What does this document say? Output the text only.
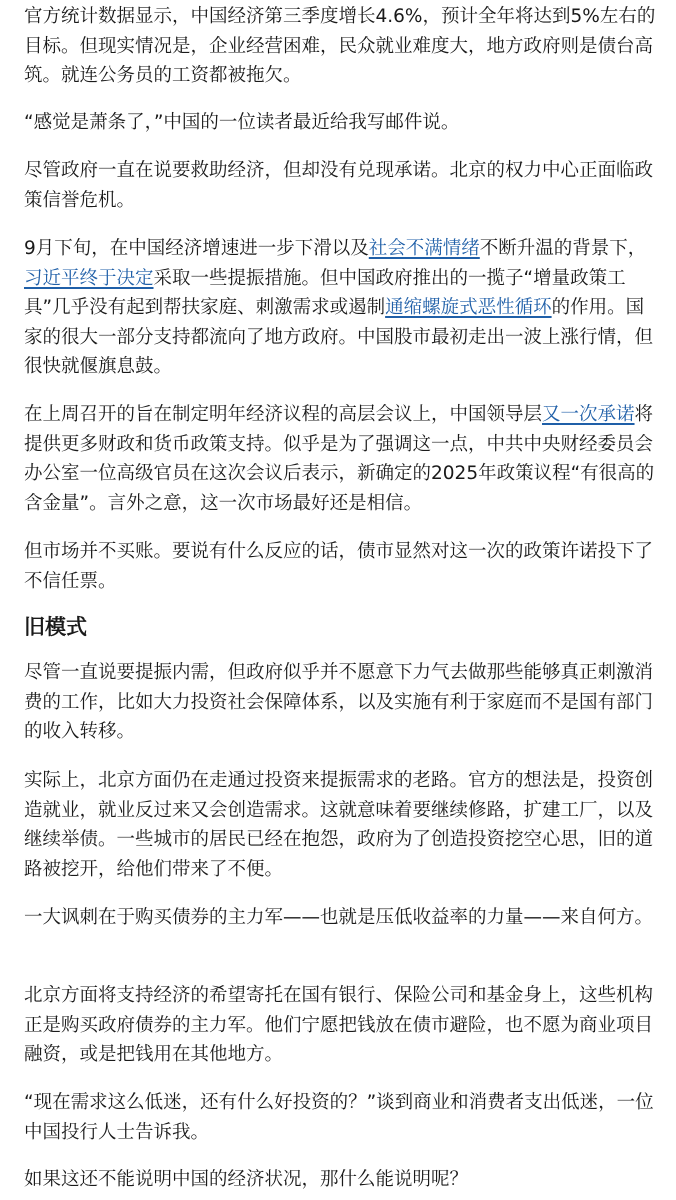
官方统计数据显示，中国经济第三季度增长4.6%，预计全年将达到5%左右的目标。但现实情况是，企业经营困难，民众就业难度大，地方政府则是债台高筑。就连公务员的工资都被拖欠。

“感觉是萧条了，”中国的一位读者最近给我写邮件说。

尽管政府一直在说要救助经济，但却没有兑现承诺。北京的权力中心正面临政策信誉危机。

9月下旬，在中国经济增速进一步下滑以及社会不满情绪不断升温的背景下，习近平终于决定采取一些提振措施。但中国政府推出的一揽子“增量政策工具”几乎没有起到帮扶家庭、刺激需求或遏制通缩螺旋式恶性循环的作用。国家的很大一部分支持都流向了地方政府。中国股市最初走出一波上涨行情，但很快就偃旗息鼓。

在上周召开的旨在制定明年经济议程的高层会议上，中国领导层又一次承诺将提供更多财政和货币政策支持。似乎是为了强调这一点，中共中央财经委员会办公室一位高级官员在这次会议后表示，新确定的2025年政策议程“有很高的含金量”。言外之意，这一次市场最好还是相信。

但市场并不买账。要说有什么反应的话，债市显然对这一次的政策许诺投下了不信任票。

旧模式

尽管一直说要提振内需，但政府似乎并不愿意下力气去做那些能够真正刺激消费的工作，比如大力投资社会保障体系，以及实施有利于家庭而不是国有部门的收入转移。

实际上，北京方面仍在走通过投资来提振需求的老路。官方的想法是，投资创造就业，就业反过来又会创造需求。这就意味着要继续修路，扩建工厂，以及继续举债。一些城市的居民已经在抱怨，政府为了创造投资挖空心思，旧的道路被挖开，给他们带来了不便。

一大讽刺在于购买债券的主力军——也就是压低收益率的力量——来自何方。

北京方面将支持经济的希望寄托在国有银行、保险公司和基金身上，这些机构正是购买政府债券的主力军。他们宁愿把钱放在债市避险，也不愿为商业项目融资，或是把钱用在其他地方。

“现在需求这么低迷，还有什么好投资的？”谈到商业和消费者支出低迷，一位中国投行人士告诉我。

如果这还不能说明中国的经济状况，那什么能说明呢？
